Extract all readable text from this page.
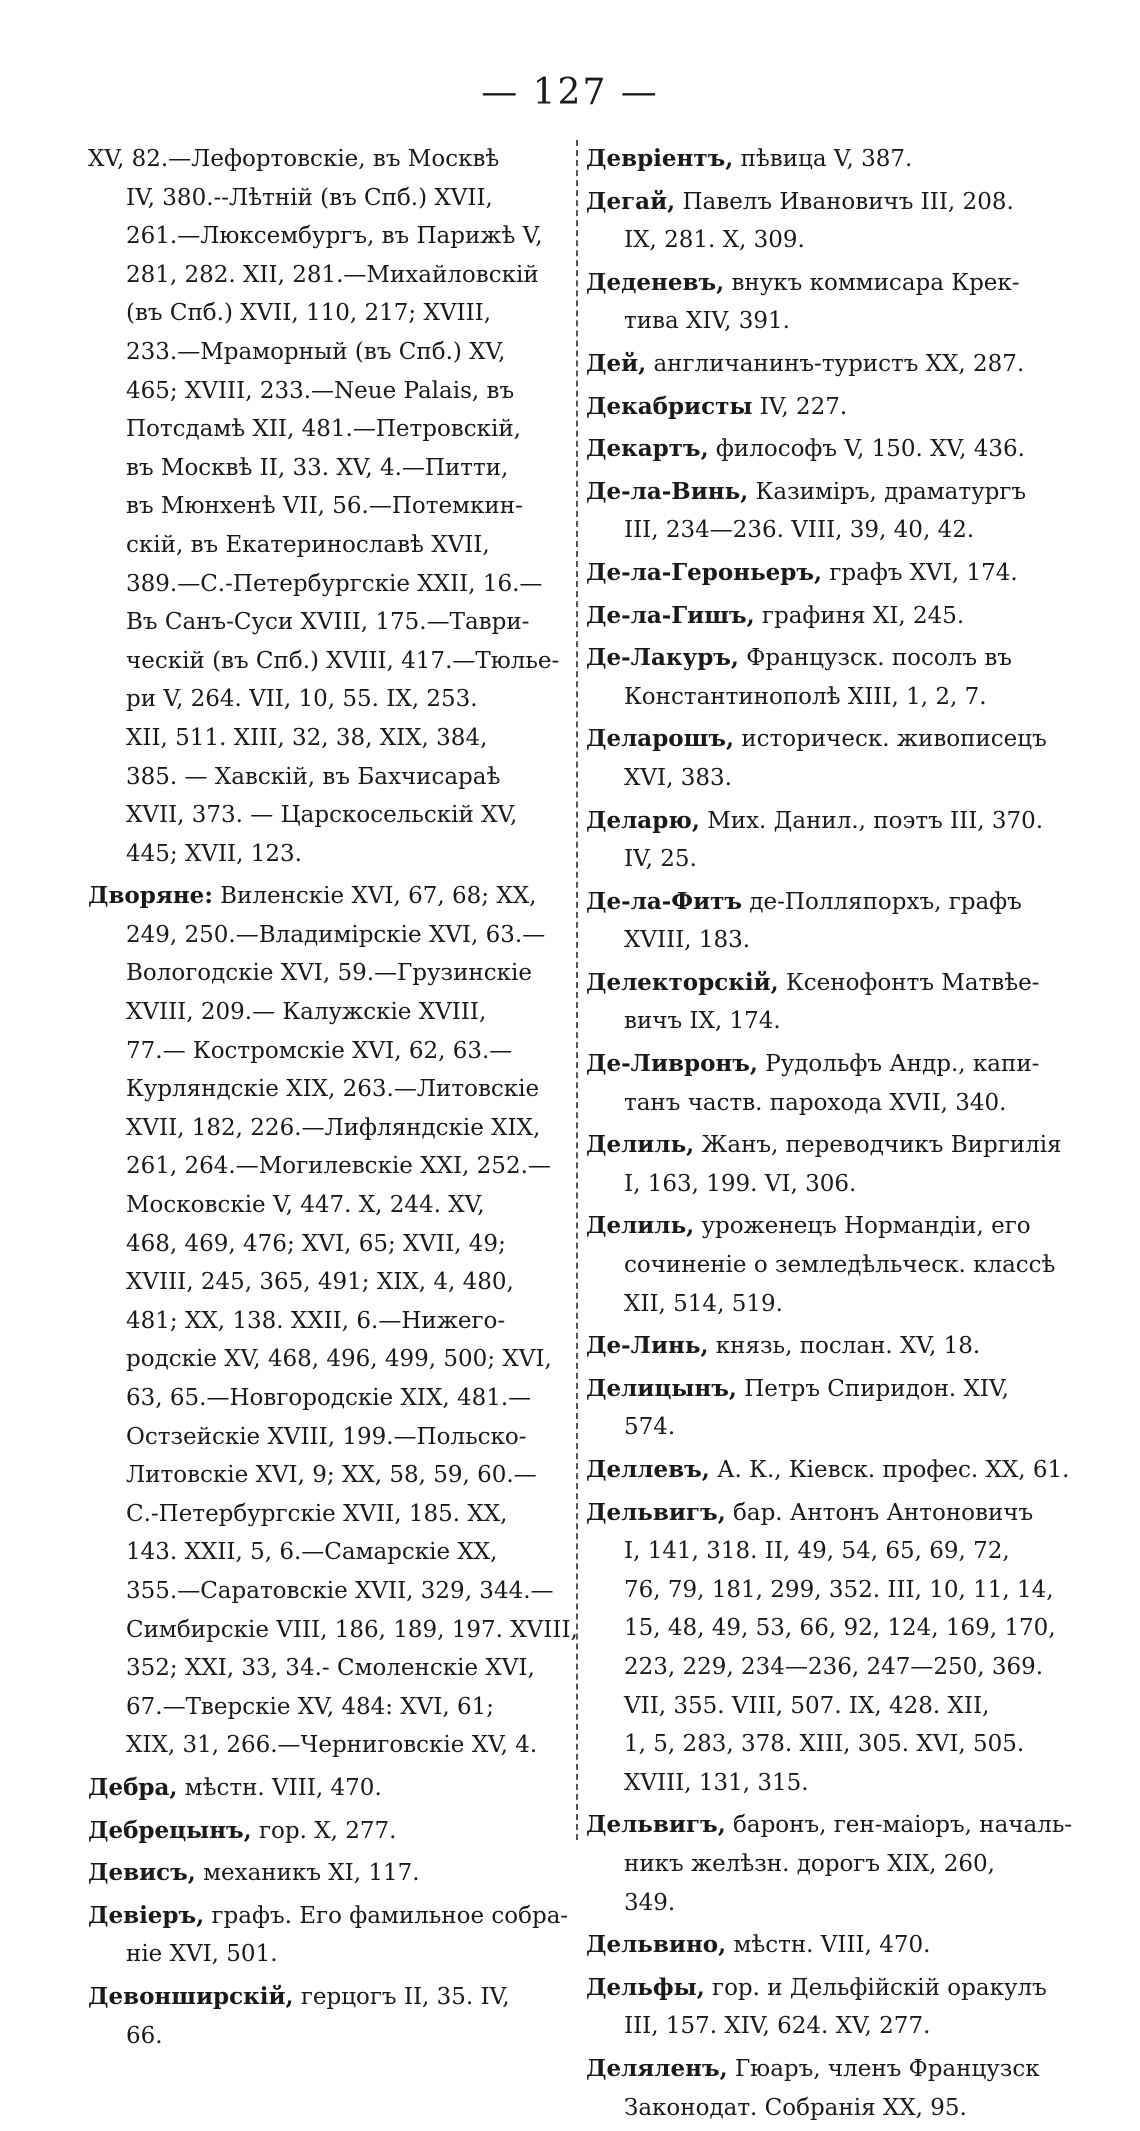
— 127 —
XV, 82.—Лефортовскіе, въ Москвѣ
IV, 380.--Лѣтній (въ Спб.) XVII,
261.—Люксембургъ, въ Парижѣ V,
281, 282. XII, 281.—Михайловскій
(въ Спб.) XVII, 110, 217; XVIII,
233.—Мраморный (въ Спб.) XV,
465; XVIII, 233.—Neue Palais, въ
Потсдамѣ XII, 481.—Петровскій,
въ Москвѣ II, 33. XV, 4.—Питти,
въ Мюнхенѣ VII, 56.—Потемкин-
скій, въ Екатеринославѣ XVII,
389.—С.-Петербургскіе XXII, 16.—
Въ Санъ-Суси XVIII, 175.—Таври-
ческій (въ Спб.) XVIII, 417.—Тюлье-
ри V, 264. VII, 10, 55. IX, 253.
XII, 511. XIII, 32, 38, XIX, 384,
385. — Хавскій, въ Бахчисараѣ
XVII, 373. — Царскосельскій XV,
445; XVII, 123.
Дворяне: Виленскіе XVI, 67, 68; XX,
249, 250.—Владимірскіе XVI, 63.—
Вологодскіе XVI, 59.—Грузинскіе
XVIII, 209.— Калужскіе XVIII,
77.— Костромскіе XVI, 62, 63.—
Курляндскіе XIX, 263.—Литовскіе
XVII, 182, 226.—Лифляндскіе XIX,
261, 264.—Могилевскіе XXI, 252.—
Московскіе V, 447. X, 244. XV,
468, 469, 476; XVI, 65; XVII, 49;
XVIII, 245, 365, 491; XIX, 4, 480,
481; XX, 138. XXII, 6.—Нижего-
родскіе XV, 468, 496, 499, 500; XVI,
63, 65.—Новгородскіе XIX, 481.—
Остзейскіе XVIII, 199.—Польско-
Литовскіе XVI, 9; XX, 58, 59, 60.—
С.-Петербургскіе XVII, 185. XX,
143. XXII, 5, 6.—Самарскіе XX,
355.—Саратовскіе XVII, 329, 344.—
Симбирскіе VIII, 186, 189, 197. XVIII,
352; XXI, 33, 34.- Смоленскіе XVI,
67.—Тверскіе XV, 484: XVI, 61;
XIX, 31, 266.—Черниговскіе XV, 4.
Дебра, мѣстн. VIII, 470.
Дебрецынъ, гор. X, 277.
Девисъ, механикъ XI, 117.
Девіеръ, графъ. Его фамильное собра-
ніе XVI, 501.
Девонширскій, герцогъ II, 35. IV,
66.
Девріентъ, пѣвица V, 387.
Дегай, Павелъ Ивановичъ III, 208.
IX, 281. X, 309.
Деденевъ, внукъ коммисара Крек-
тива XIV, 391.
Дей, англичанинъ-туристъ XX, 287.
Декабристы IV, 227.
Декартъ, философъ V, 150. XV, 436.
Де-ла-Винь, Казиміръ, драматургъ
III, 234—236. VIII, 39, 40, 42.
Де-ла-Героньеръ, графъ XVI, 174.
Де-ла-Гишъ, графиня XI, 245.
Де-Лакуръ, Французск. посолъ въ
Константинополѣ XIII, 1, 2, 7.
Деларошъ, историческ. живописецъ
XVI, 383.
Деларю, Мих. Данил., поэтъ III, 370.
IV, 25.
Де-ла-Фитъ де-Полляпорхъ, графъ
XVIII, 183.
Делекторскій, Ксенофонтъ Матвѣе-
вичъ IX, 174.
Де-Ливронъ, Рудольфъ Андр., капи-
танъ частв. парохода XVII, 340.
Делиль, Жанъ, переводчикъ Виргилія
I, 163, 199. VI, 306.
Делиль, уроженецъ Нормандіи, его
сочиненіе о земледѣльческ. классѣ
XII, 514, 519.
Де-Линь, князь, послан. XV, 18.
Делицынъ, Петръ Спиридон. XIV,
574.
Деллевъ, А. К., Кіевск. профес. XX, 61.
Дельвигъ, бар. Антонъ Антоновичъ
I, 141, 318. II, 49, 54, 65, 69, 72,
76, 79, 181, 299, 352. III, 10, 11, 14,
15, 48, 49, 53, 66, 92, 124, 169, 170,
223, 229, 234—236, 247—250, 369.
VII, 355. VIII, 507. IX, 428. XII,
1, 5, 283, 378. XIII, 305. XVI, 505.
XVIII, 131, 315.
Дельвигъ, баронъ, ген-маіоръ, началь-
никъ желѣзн. дорогъ XIX, 260,
349.
Дельвино, мѣстн. VIII, 470.
Дельфы, гор. и Дельфійскій оракулъ
III, 157. XIV, 624. XV, 277.
Деляленъ, Гюаръ, членъ Французск
Законодат. Собранія XX, 95.
